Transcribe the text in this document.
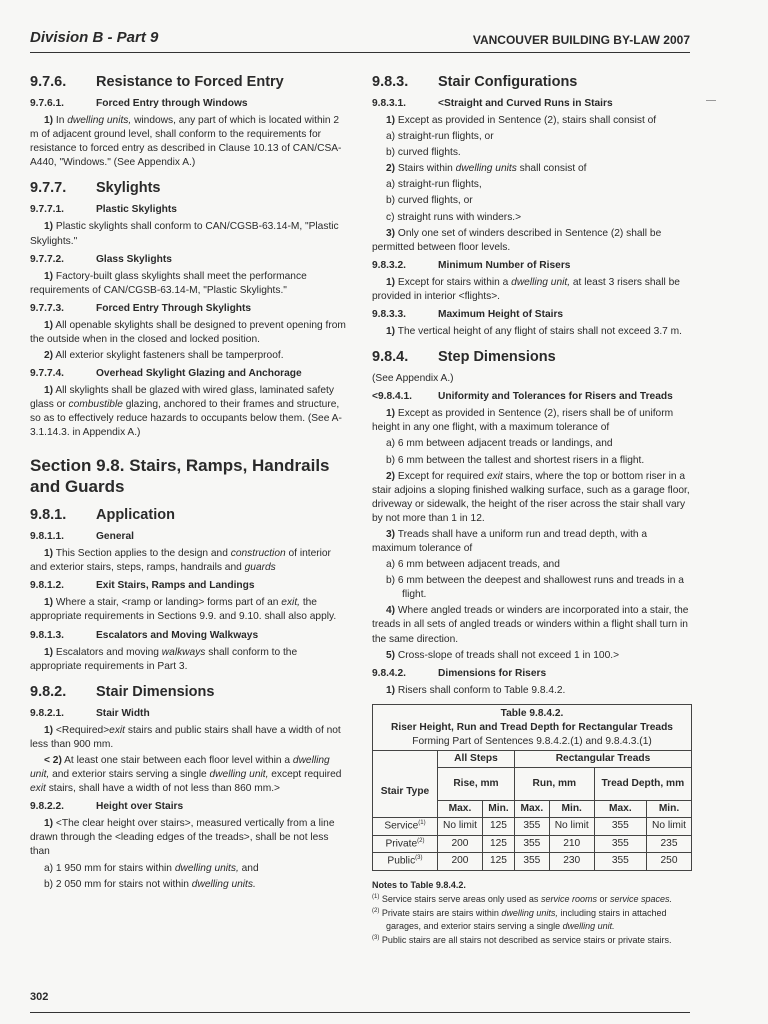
Division B - Part 9	VANCOUVER BUILDING BY-LAW 2007
9.7.6. Resistance to Forced Entry
9.7.6.1.	Forced Entry through Windows

1) In dwelling units, windows, any part of which is located within 2 m of adjacent ground level, shall conform to the requirements for resistance to forced entry as described in Clause 10.13 of CAN/CSA-A440, "Windows." (See Appendix A.)

9.7.7. Skylights
9.7.7.1.	Plastic Skylights

1) Plastic skylights shall conform to CAN/CGSB-63.14-M, "Plastic Skylights."

9.7.7.2.	Glass Skylights

1) Factory-built glass skylights shall meet the performance requirements of CAN/CGSB-63.14-M, "Plastic Skylights."

9.7.7.3.	Forced Entry Through Skylights

1) All openable skylights shall be designed to prevent opening from the outside when in the closed and locked position.

2) All exterior skylight fasteners shall be tamperproof.

9.7.7.4.	Overhead Skylight Glazing and Anchorage

1) All skylights shall be glazed with wired glass, laminated safety glass or combustible glazing, anchored to their frames and structure, so as to effectively reduce hazards to occupants below them. (See A-3.1.14.3. in Appendix A.)

Section 9.8. Stairs, Ramps, Handrails and Guards
9.8.1. Application
9.8.1.1.	General

1) This Section applies to the design and construction of interior and exterior stairs, steps, ramps, handrails and guards

9.8.1.2.	Exit Stairs, Ramps and Landings

1) Where a stair, <ramp or landing> forms part of an exit, the appropriate requirements in Sections 9.9. and 9.10. shall also apply.

9.8.1.3.	Escalators and Moving Walkways

1) Escalators and moving walkways shall conform to the appropriate requirements in Part 3.

9.8.2. Stair Dimensions
9.8.2.1.	Stair Width

1) <Required>exit stairs and public stairs shall have a width of not less than 900 mm.

< 2) At least one stair between each floor level within a dwelling unit, and exterior stairs serving a single dwelling unit, except required exit stairs, shall have a width of not less than 860 mm.>

9.8.2.2.	Height over Stairs

1) <The clear height over stairs>, measured vertically from a line drawn through the <leading edges of the treads>, shall be not less than

a) 1 950 mm for stairs within dwelling units, and
b) 2 050 mm for stairs not within dwelling units.
9.8.3. Stair Configurations
9.8.3.1.	<Straight and Curved Runs in Stairs

1) Except as provided in Sentence (2), stairs shall consist of

a) straight-run flights, or
b) curved flights.

2) Stairs within dwelling units shall consist of

a) straight-run flights,
b) curved flights, or
c) straight runs with winders.>

3) Only one set of winders described in Sentence (2) shall be permitted between floor levels.

9.8.3.2.	Minimum Number of Risers

1) Except for stairs within a dwelling unit, at least 3 risers shall be provided in interior <flights>.

9.8.3.3.	Maximum Height of Stairs

1) The vertical height of any flight of stairs shall not exceed 3.7 m.

9.8.4. Step Dimensions
(See Appendix A.)
<9.8.4.1.	Uniformity and Tolerances for Risers and Treads

1) Except as provided in Sentence (2), risers shall be of uniform height in any one flight, with a maximum tolerance of

a) 6 mm between adjacent treads or landings, and
b) 6 mm between the tallest and shortest risers in a flight.

2) Except for required exit stairs, where the top or bottom riser in a stair adjoins a sloping finished walking surface, such as a garage floor, driveway or sidewalk, the height of the riser across the stair shall vary by not more than 1 in 12.

3) Treads shall have a uniform run and tread depth, with a maximum tolerance of

a) 6 mm between adjacent treads, and
b) 6 mm between the deepest and shallowest runs and treads in a flight.

4) Where angled treads or winders are incorporated into a stair, the treads in all sets of angled treads or winders within a flight shall turn in the same direction.

5) Cross-slope of treads shall not exceed 1 in 100.>

9.8.4.2.	Dimensions for Risers

1) Risers shall conform to Table 9.8.4.2.

Table 9.8.4.2.
Riser Height, Run and Tread Depth for Rectangular Treads
Forming Part of Sentences 9.8.4.2.(1) and 9.8.4.3.(1)						

	All Steps		Rectangular Treads			
Stair Type	Rise, mm		Run, mm		Tread Depth, mm	
	Max.	Min.	Max.	Min.	Max.	Min.
Service$^{(1)}$	No limit	125	355	No limit	355	No limit
Private$^{(2)}$	200	125	355	210	355	235
Public$^{(3)}$	200	125	355	230	355	250
Notes to Table 9.8.4.2.
$^{(1)}$ Service stairs serve areas only used as service rooms or service spaces.
$^{(2)}$ Private stairs are stairs within dwelling units, including stairs in attached garages, and exterior stairs serving a single dwelling unit.
$^{(3)}$ Public stairs are all stairs not described as service stairs or private stairs.
302
